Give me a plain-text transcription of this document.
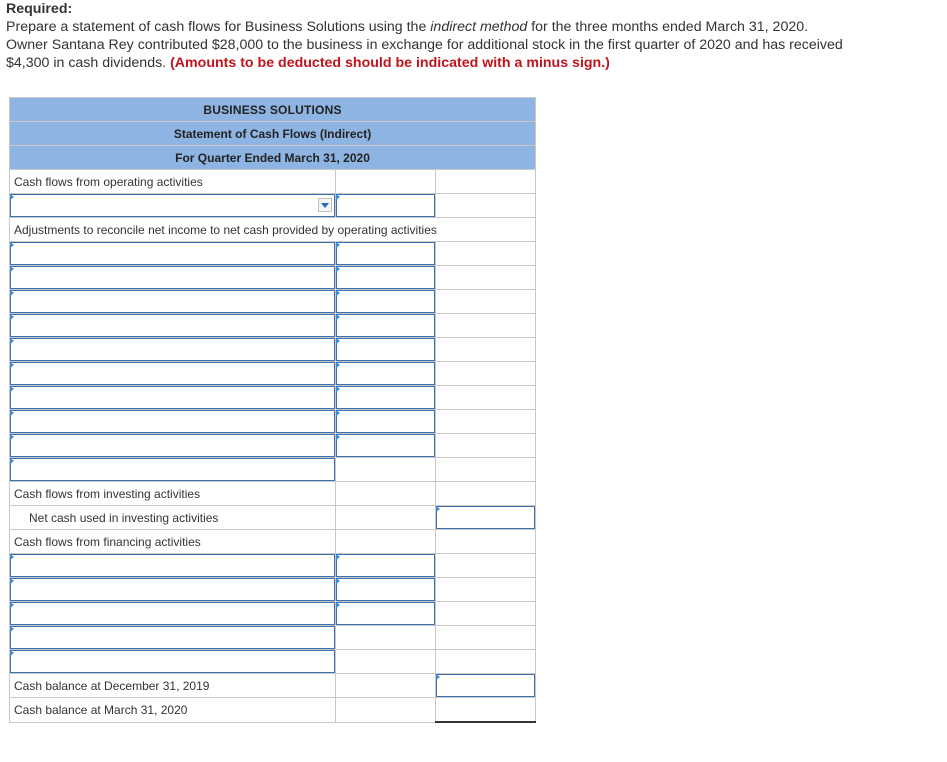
Required:
Prepare a statement of cash flows for Business Solutions using the indirect method for the three months ended March 31, 2020.
Owner Santana Rey contributed $28,000 to the business in exchange for additional stock in the first quarter of 2020 and has received
$4,300 in cash dividends. (Amounts to be deducted should be indicated with a minus sign.)
BUSINESS SOLUTIONS		
Statement of Cash Flows (Indirect)		
For Quarter Ended March 31, 2020		
Cash flows from operating activities		

Adjustments to reconcile net income to net cash provided by operating activities		

Cash flows from investing activities		
Net cash used in investing activities		

Cash flows from financing activities		

Cash balance at December 31, 2019		

Cash balance at March 31, 2020		
